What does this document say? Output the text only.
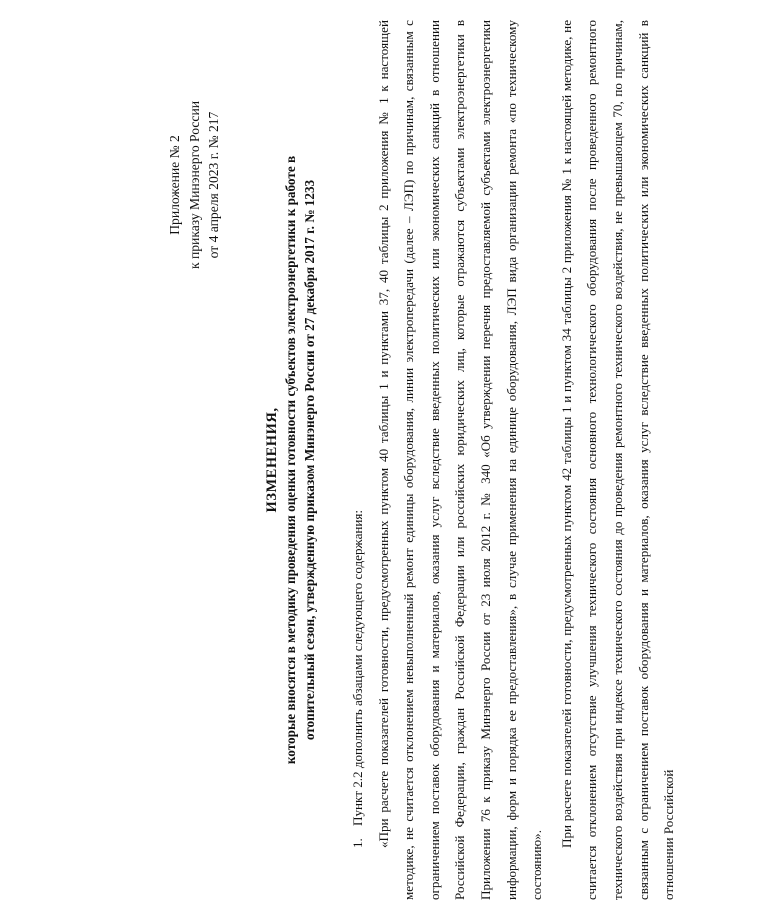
Приложение № 2 к приказу Минэнерго России от 4 апреля 2023 г. № 217
ИЗМЕНЕНИЯ, которые вносятся в методику проведения оценки готовности субъектов электроэнергетики к работе в отопительный сезон, утвержденную приказом Минэнерго России от 27 декабря 2017 г. № 1233

1.Пункт 2.2 дополнить абзацами следующего содержания: «При расчете показателей готовности, предусмотренных пунктом 40 таблицы 1 и пунктами 37, 40 таблицы 2 приложения № 1 к настоящей методике, не считается отклонением невыполненный ремонт единицы оборудования, линии электропередачи (далее – ЛЭП) по причинам, связанным с ограничением поставок оборудования и материалов, оказания услуг вследствие введенных политических или экономических санкций в отношении Российской Федерации, граждан Российской Федерации или российских юридических лиц, которые отражаются субъектами электроэнергетики в Приложении 76 к приказу Минэнерго России от 23 июля 2012 г. № 340 «Об утверждении перечня предоставляемой субъектами электроэнергетики информации, форм и порядка ее предоставления», в случае применения на единице оборудования, ЛЭП вида организации ремонта «по техническому состоянию».

При расчете показателей готовности, предусмотренных пунктом 42 таблицы 1 и пунктом 34 таблицы 2 приложения № 1 к настоящей методике, не считается отклонением отсутствие улучшения технического состояния основного технологического оборудования после проведенного ремонтного технического воздействия при индексе технического состояния до проведения ремонтного технического воздействия, не превышающем 70, по причинам, связанным с ограничением поставок оборудования и материалов, оказания услуг вследствие введенных политических или экономических санкций в отношении Российской
